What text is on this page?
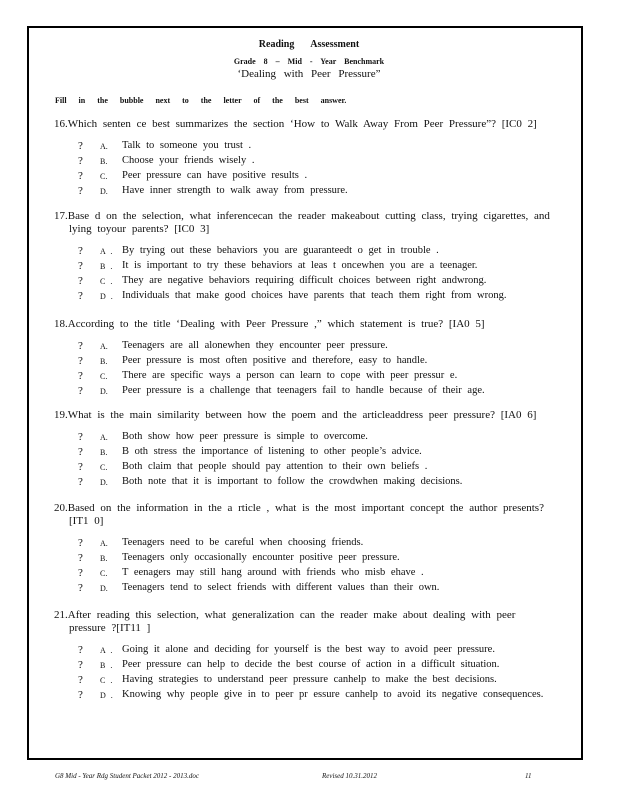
Reading Assessment
Grade 8 – Mid - Year Benchmark
‘Dealing with Peer Pressure”
Fill in the bubble next to the letter of the best answer.
16.Which senten ce best summarizes the section ‘How to Walk Away From Peer Pressure”? [IC0 2]
?	A.	Talk to someone you trust .
?	B.	Choose your friends wisely .
?	C.	Peer pressure can have positive results .
?	D.	Have inner strength to walk away from pressure.
17.Base d on the selection, what inferencecan the reader makeabout cutting class, trying cigarettes, and lying toyour parents? [IC0 3]
?	A . By trying out these behaviors you are guaranteedt o get in trouble .
?	B . It is important to try these behaviors at leas t oncewhen you are a teenager.
?	C . They are negative behaviors requiring difficult choices between right andwrong.
?	D . Individuals that make good choices have parents that teach them right from wrong.
18.According to the title ‘Dealing with Peer Pressure ,” which statement is true? [IA0 5]
?	A.	Teenagers are all alonewhen they encounter peer pressure.
?	B.	Peer pressure is most often positive and therefore, easy to handle.
?	C.	There are specific ways a person can learn to cope with peer pressur e.
?	D.	Peer pressure is a challenge that teenagers fail to handle because of their age.
19.What is the main similarity between how the poem and the articleaddress peer pressure? [IA0 6]
?	A.	Both show how peer pressure is simple to overcome.
?	B.	B oth stress the importance of listening to other people’s advice.
?	C.	Both claim that people should pay attention to their own beliefs .
?	D.	Both note that it is important to follow the crowdwhen making decisions.
20.Based on the information in the a rticle , what is the most important concept the author presents? [IT1 0]
?	A.	Teenagers need to be careful when choosing friends.
?	B.	Teenagers only occasionally encounter positive peer pressure.
?	C.	T eenagers may still hang around with friends who misb ehave .
?	D.	Teenagers tend to select friends with different values than their own.
21.After reading this selection, what generalization can the reader make about dealing with peer pressure ?[IT11 ]
?	A . Going it alone and deciding for yourself is the best way to avoid peer pressure.
?	B . Peer pressure can help to decide the best course of action in a difficult situation.
?	C . Having strategies to understand peer pressure canhelp to make the best decisions.
?	D . Knowing why people give in to peer pr essure canhelp to avoid its negative consequences.
G8 Mid - Year Rdg Student Packet 2012 - 2013.doc	Revised 10.31.2012	11
